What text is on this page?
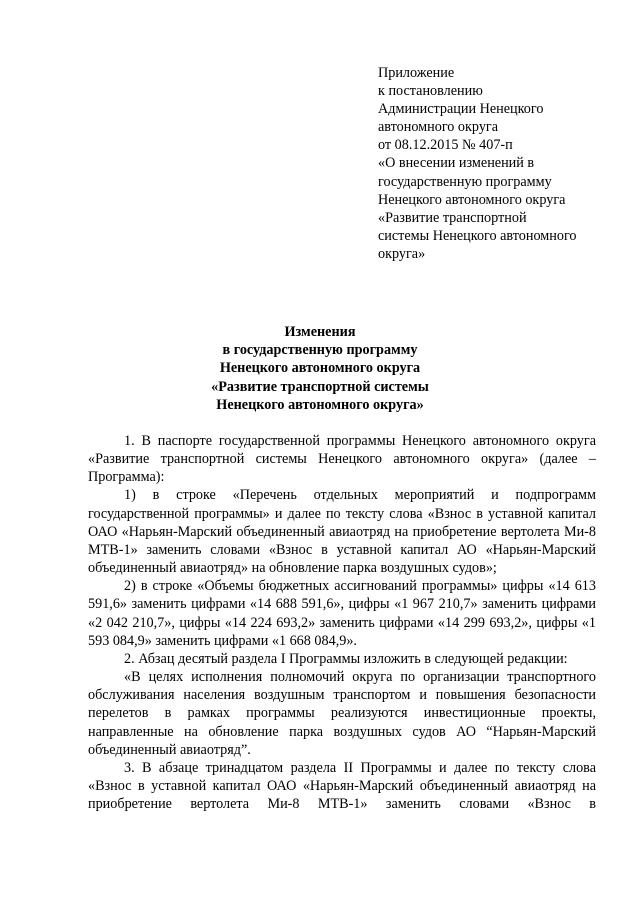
Приложение
к постановлению
Администрации Ненецкого
автономного округа
от 08.12.2015 № 407-п
«О внесении изменений в
государственную программу
Ненецкого автономного округа
«Развитие транспортной
системы Ненецкого автономного
округа»
Изменения
в государственную программу
Ненецкого автономного округа
«Развитие транспортной системы
Ненецкого автономного округа»

1. В паспорте государственной программы Ненецкого автономного округа «Развитие транспортной системы Ненецкого автономного округа» (далее – Программа):

1) в строке «Перечень отдельных мероприятий и подпрограмм государственной программы» и далее по тексту слова «Взнос в уставной капитал ОАО «Нарьян-Марский объединенный авиаотряд на приобретение вертолета Ми-8 МТВ-1» заменить словами «Взнос в уставной капитал АО «Нарьян-Марский объединенный авиаотряд» на обновление парка воздушных судов»;

2) в строке «Объемы бюджетных ассигнований программы» цифры «14 613 591,6» заменить цифрами «14 688 591,6», цифры «1 967 210,7» заменить цифрами «2 042 210,7», цифры «14 224 693,2» заменить цифрами «14 299 693,2», цифры «1 593 084,9» заменить цифрами «1 668 084,9».

2. Абзац десятый раздела I Программы изложить в следующей редакции:

«В целях исполнения полномочий округа по организации транспортного обслуживания населения воздушным транспортом и повышения безопасности перелетов в рамках программы реализуются инвестиционные проекты, направленные на обновление парка воздушных судов АО “Нарьян-Марский объединенный авиаотряд”.

3. В абзаце тринадцатом раздела II Программы и далее по тексту слова «Взнос в уставной капитал ОАО «Нарьян-Марский объединенный авиаотряд на приобретение вертолета Ми-8 МТВ-1» заменить словами «Взнос в
